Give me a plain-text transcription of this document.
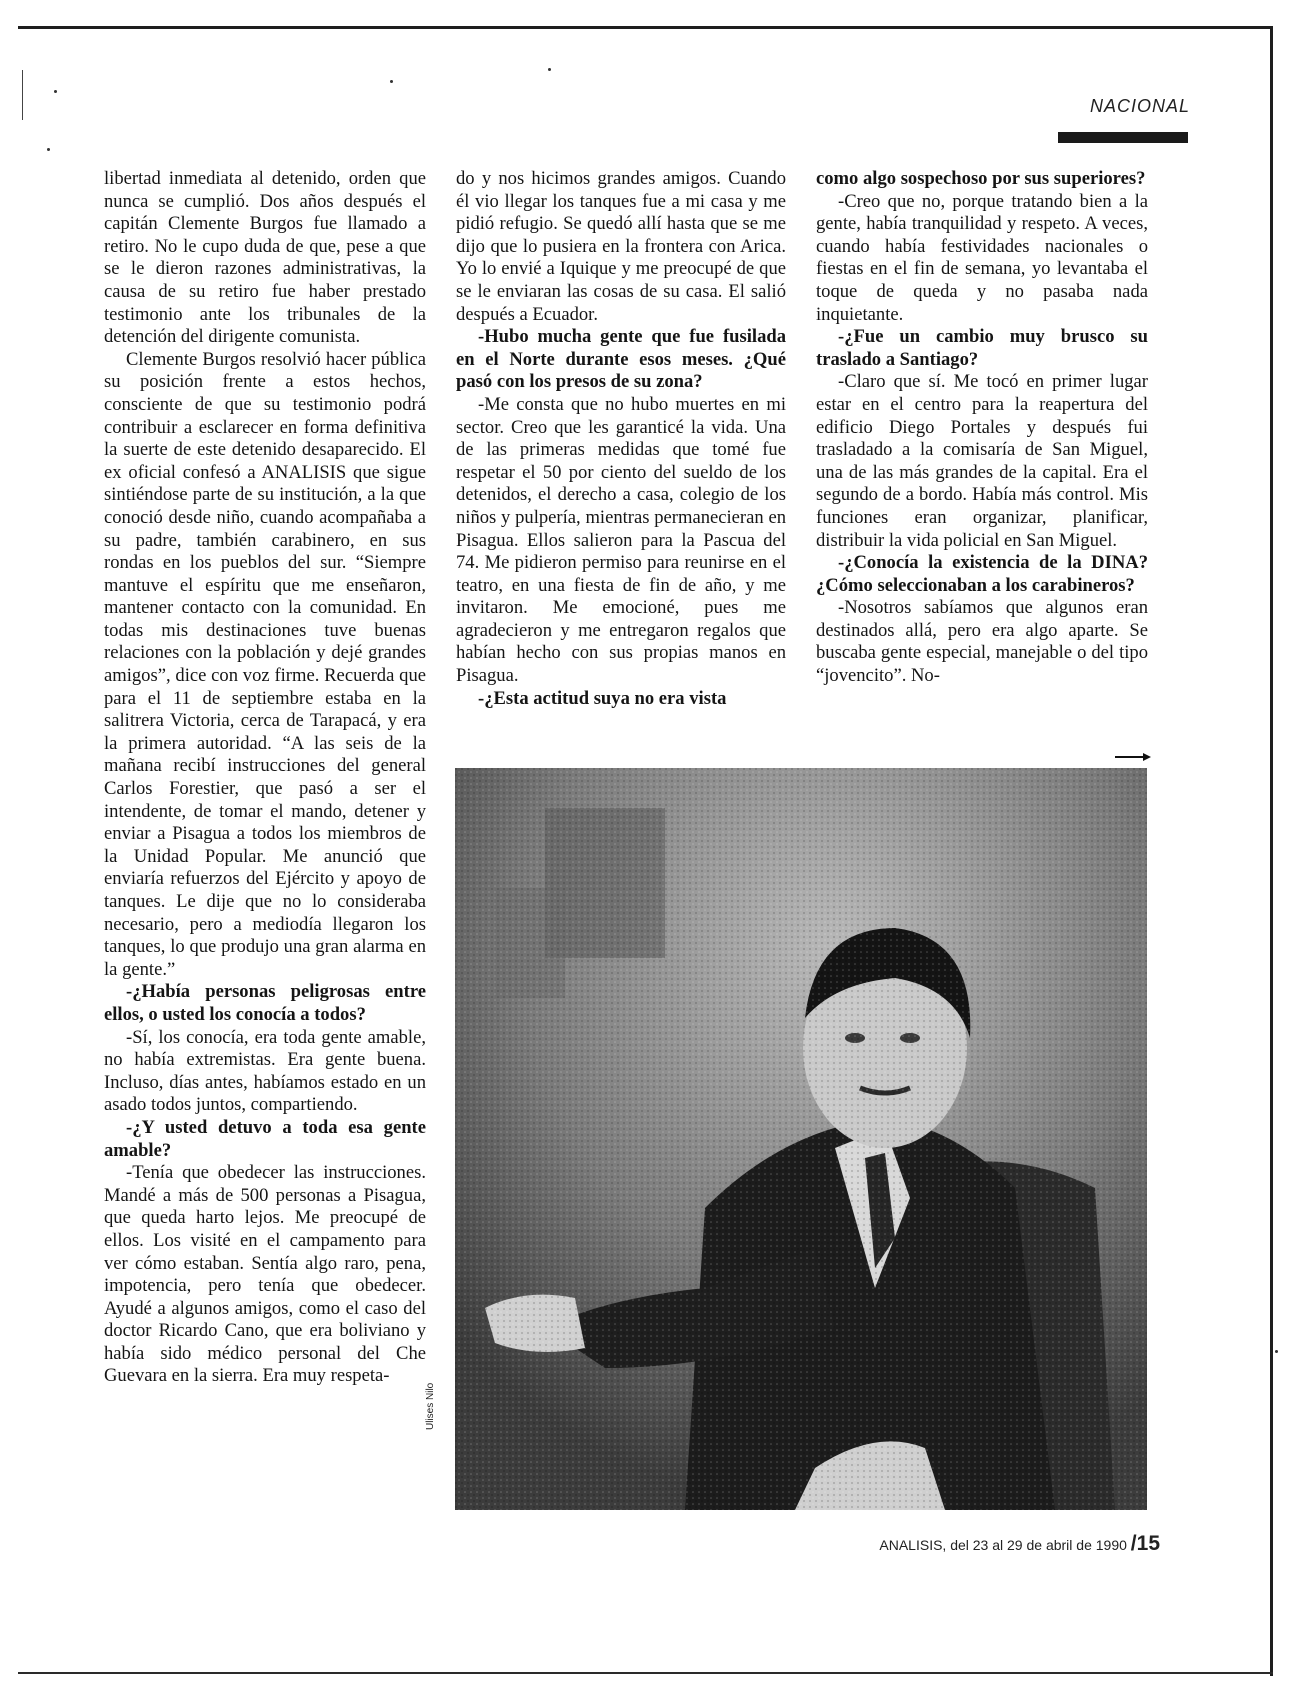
NACIONAL

libertad inmediata al detenido, orden que nunca se cumplió. Dos años después el capitán Clemente Burgos fue llamado a retiro. No le cupo duda de que, pese a que se le dieron razones administrativas, la causa de su retiro fue haber prestado testimonio ante los tribunales de la detención del dirigente comunista.

Clemente Burgos resolvió hacer pública su posición frente a estos hechos, consciente de que su testimonio podrá contribuir a esclarecer en forma definitiva la suerte de este detenido desaparecido. El ex oficial confesó a ANALISIS que sigue sintiéndose parte de su institución, a la que conoció desde niño, cuando acompañaba a su padre, también carabinero, en sus rondas en los pueblos del sur. “Siempre mantuve el espíritu que me enseñaron, mantener contacto con la comunidad. En todas mis destinaciones tuve buenas relaciones con la población y dejé grandes amigos”, dice con voz firme. Recuerda que para el 11 de septiembre estaba en la salitrera Victoria, cerca de Tarapacá, y era la primera autoridad. “A las seis de la mañana recibí instrucciones del general Carlos Forestier, que pasó a ser el intendente, de tomar el mando, detener y enviar a Pisagua a todos los miembros de la Unidad Popular. Me anunció que enviaría refuerzos del Ejército y apoyo de tanques. Le dije que no lo consideraba necesario, pero a mediodía llegaron los tanques, lo que produjo una gran alarma en la gente.”

-¿Había personas peligrosas entre ellos, o usted los conocía a todos?

-Sí, los conocía, era toda gente amable, no había extremistas. Era gente buena. Incluso, días antes, habíamos estado en un asado todos juntos, compartiendo.

-¿Y usted detuvo a toda esa gente amable?

-Tenía que obedecer las instrucciones. Mandé a más de 500 personas a Pisagua, que queda harto lejos. Me preocupé de ellos. Los visité en el campamento para ver cómo estaban. Sentía algo raro, pena, impotencia, pero tenía que obedecer. Ayudé a algunos amigos, como el caso del doctor Ricardo Cano, que era boliviano y había sido médico personal del Che Guevara en la sierra. Era muy respeta-

do y nos hicimos grandes amigos. Cuando él vio llegar los tanques fue a mi casa y me pidió refugio. Se quedó allí hasta que se me dijo que lo pusiera en la frontera con Arica. Yo lo envié a Iquique y me preocupé de que se le enviaran las cosas de su casa. El salió después a Ecuador.

-Hubo mucha gente que fue fusilada en el Norte durante esos meses. ¿Qué pasó con los presos de su zona?

-Me consta que no hubo muertes en mi sector. Creo que les garanticé la vida. Una de las primeras medidas que tomé fue respetar el 50 por ciento del sueldo de los detenidos, el derecho a casa, colegio de los niños y pulpería, mientras permanecieran en Pisagua. Ellos salieron para la Pascua del 74. Me pidieron permiso para reunirse en el teatro, en una fiesta de fin de año, y me invitaron. Me emocioné, pues me agradecieron y me entregaron regalos que habían hecho con sus propias manos en Pisagua.

-¿Esta actitud suya no era vista

como algo sospechoso por sus superiores?

-Creo que no, porque tratando bien a la gente, había tranquilidad y respeto. A veces, cuando había festividades nacionales o fiestas en el fin de semana, yo levantaba el toque de queda y no pasaba nada inquietante.

-¿Fue un cambio muy brusco su traslado a Santiago?

-Claro que sí. Me tocó en primer lugar estar en el centro para la reapertura del edificio Diego Portales y después fui trasladado a la comisaría de San Miguel, una de las más grandes de la capital. Era el segundo de a bordo. Había más control. Mis funciones eran organizar, planificar, distribuir la vida policial en San Miguel.

-¿Conocía la existencia de la DINA? ¿Cómo seleccionaban a los carabineros?

-Nosotros sabíamos que algunos eran destinados allá, pero era algo aparte. Se buscaba gente especial, manejable o del tipo “jovencito”. No-

Ulises Nilo
ANALISIS, del 23 al 29 de abril de 1990 /15
